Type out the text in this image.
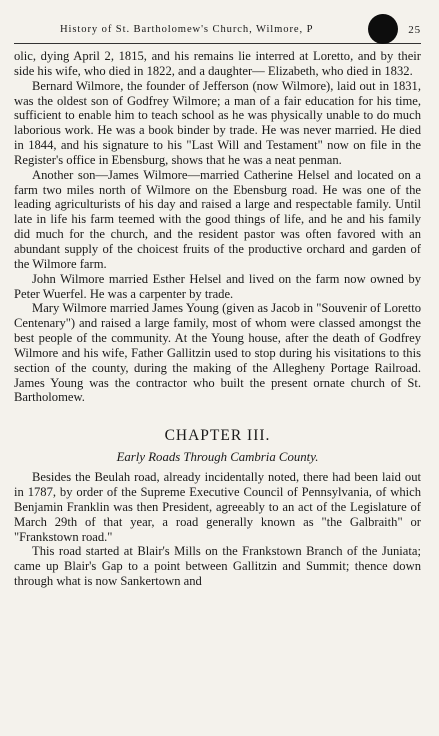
History of St. Bartholomew's Church, Wilmore, P	25

olic, dying April 2, 1815, and his remains lie interred at Loretto, and by their side his wife, who died in 1822, and a daughter— Elizabeth, who died in 1832.

Bernard Wilmore, the founder of Jefferson (now Wilmore), laid out in 1831, was the oldest son of Godfrey Wilmore; a man of a fair education for his time, sufficient to enable him to teach school as he was physically unable to do much laborious work. He was a book binder by trade. He was never married. He died in 1844, and his signature to his "Last Will and Testament" now on file in the Register's office in Ebensburg, shows that he was a neat penman.

Another son—James Wilmore—married Catherine Helsel and located on a farm two miles north of Wilmore on the Ebensburg road. He was one of the leading agriculturists of his day and raised a large and respectable family. Until late in life his farm teemed with the good things of life, and he and his family did much for the church, and the resident pastor was often favored with an abundant supply of the choicest fruits of the productive orchard and garden of the Wilmore farm.

John Wilmore married Esther Helsel and lived on the farm now owned by Peter Wuerfel. He was a carpenter by trade.

Mary Wilmore married James Young (given as Jacob in "Souvenir of Loretto Centenary") and raised a large family, most of whom were classed amongst the best people of the community. At the Young house, after the death of Godfrey Wilmore and his wife, Father Gallitzin used to stop during his visitations to this section of the county, during the making of the Allegheny Portage Railroad. James Young was the contractor who built the present ornate church of St. Bartholomew.

CHAPTER III.
Early Roads Through Cambria County.

Besides the Beulah road, already incidentally noted, there had been laid out in 1787, by order of the Supreme Executive Council of Pennsylvania, of which Benjamin Franklin was then President, agreeably to an act of the Legislature of March 29th of that year, a road generally known as "the Galbraith" or "Frankstown road."

This road started at Blair's Mills on the Frankstown Branch of the Juniata; came up Blair's Gap to a point between Gallitzin and Summit; thence down through what is now Sankertown and
